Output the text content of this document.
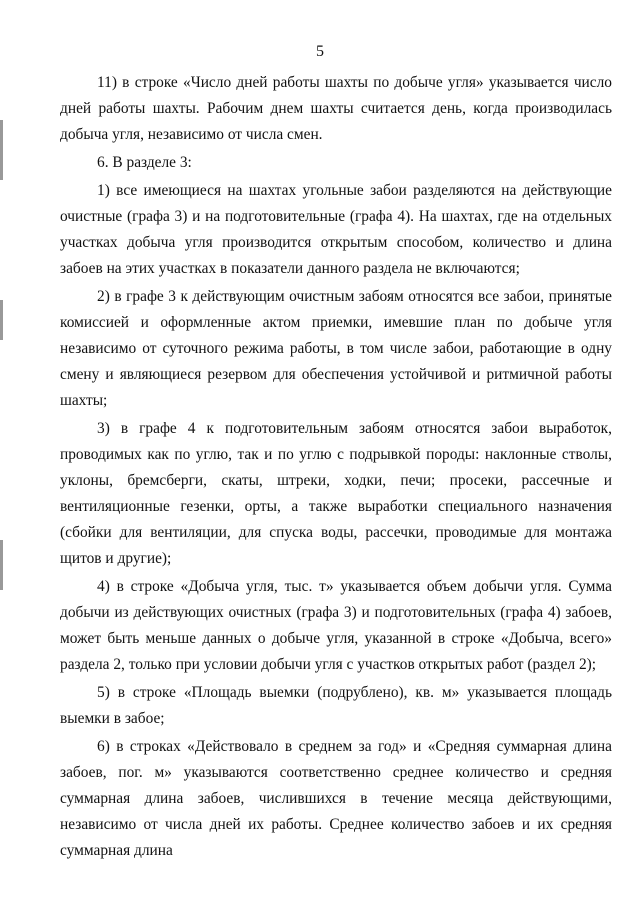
5

11) в строке «Число дней работы шахты по добыче угля» указывается число дней работы шахты. Рабочим днем шахты считается день, когда производилась добыча угля, независимо от числа смен.

6. В разделе 3:

1) все имеющиеся на шахтах угольные забои разделяются на действующие очистные (графа 3) и на подготовительные (графа 4). На шахтах, где на отдельных участках добыча угля производится открытым способом, количество и длина забоев на этих участках в показатели данного раздела не включаются;

2) в графе 3 к действующим очистным забоям относятся все забои, принятые комиссией и оформленные актом приемки, имевшие план по добыче угля независимо от суточного режима работы, в том числе забои, работающие в одну смену и являющиеся резервом для обеспечения устойчивой и ритмичной работы шахты;

3) в графе 4 к подготовительным забоям относятся забои выработок, проводимых как по углю, так и по углю с подрывкой породы: наклонные стволы, уклоны, бремсберги, скаты, штреки, ходки, печи; просеки, рассечные и вентиляционные гезенки, орты, а также выработки специального назначения (сбойки для вентиляции, для спуска воды, рассечки, проводимые для монтажа щитов и другие);

4) в строке «Добыча угля, тыс. т» указывается объем добычи угля. Сумма добычи из действующих очистных (графа 3) и подготовительных (графа 4) забоев, может быть меньше данных о добыче угля, указанной в строке «Добыча, всего» раздела 2, только при условии добычи угля с участков открытых работ (раздел 2);

5) в строке «Площадь выемки (подрублено), кв. м» указывается площадь выемки в забое;

6) в строках «Действовало в среднем за год» и «Средняя суммарная длина забоев, пог. м» указываются соответственно среднее количество и средняя суммарная длина забоев, числившихся в течение месяца действующими, независимо от числа дней их работы. Среднее количество забоев и их средняя суммарная длина
